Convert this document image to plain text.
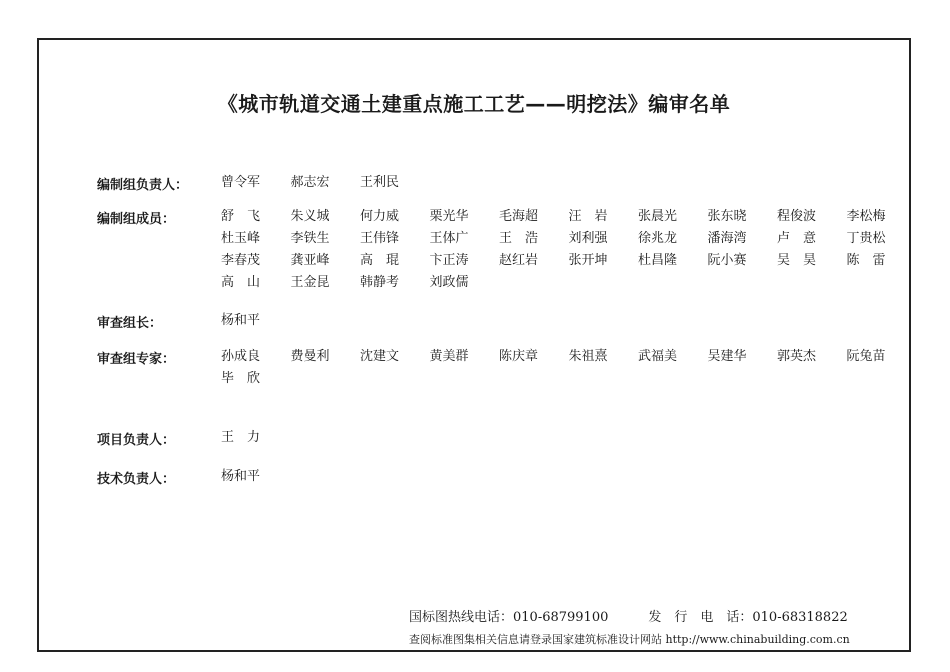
《城市轨道交通土建重点施工工艺——明挖法》编审名单
编制组负责人：	曾令军	郝志宏	王利民
编制组成员：	舒　飞	朱义城	何力威	栗光华	毛海超	汪　岩	张晨光	张东晓	程俊波	李松梅
杜玉峰	李铁生	王伟锋	王体广	王　浩	刘利强	徐兆龙	潘海湾	卢　意	丁贵松
李春茂	龚亚峰	高　琨	卞正涛	赵红岩	张开坤	杜昌隆	阮小赛	吴　昊	陈　雷
高　山	王金昆	韩静考	刘政儒
审查组长：	杨和平
审查组专家：	孙成良	费曼利	沈建文	黄美群	陈庆章	朱祖熹	武福美	吴建华	郭英杰	阮兔苗
毕　欣
项目负责人：	王　力
技术负责人：	杨和平
国标图热线电话：010-68799100	发　行　电　话：010-68318822
查阅标准图集相关信息请登录国家建筑标准设计网站 http://www.chinabuilding.com.cn
